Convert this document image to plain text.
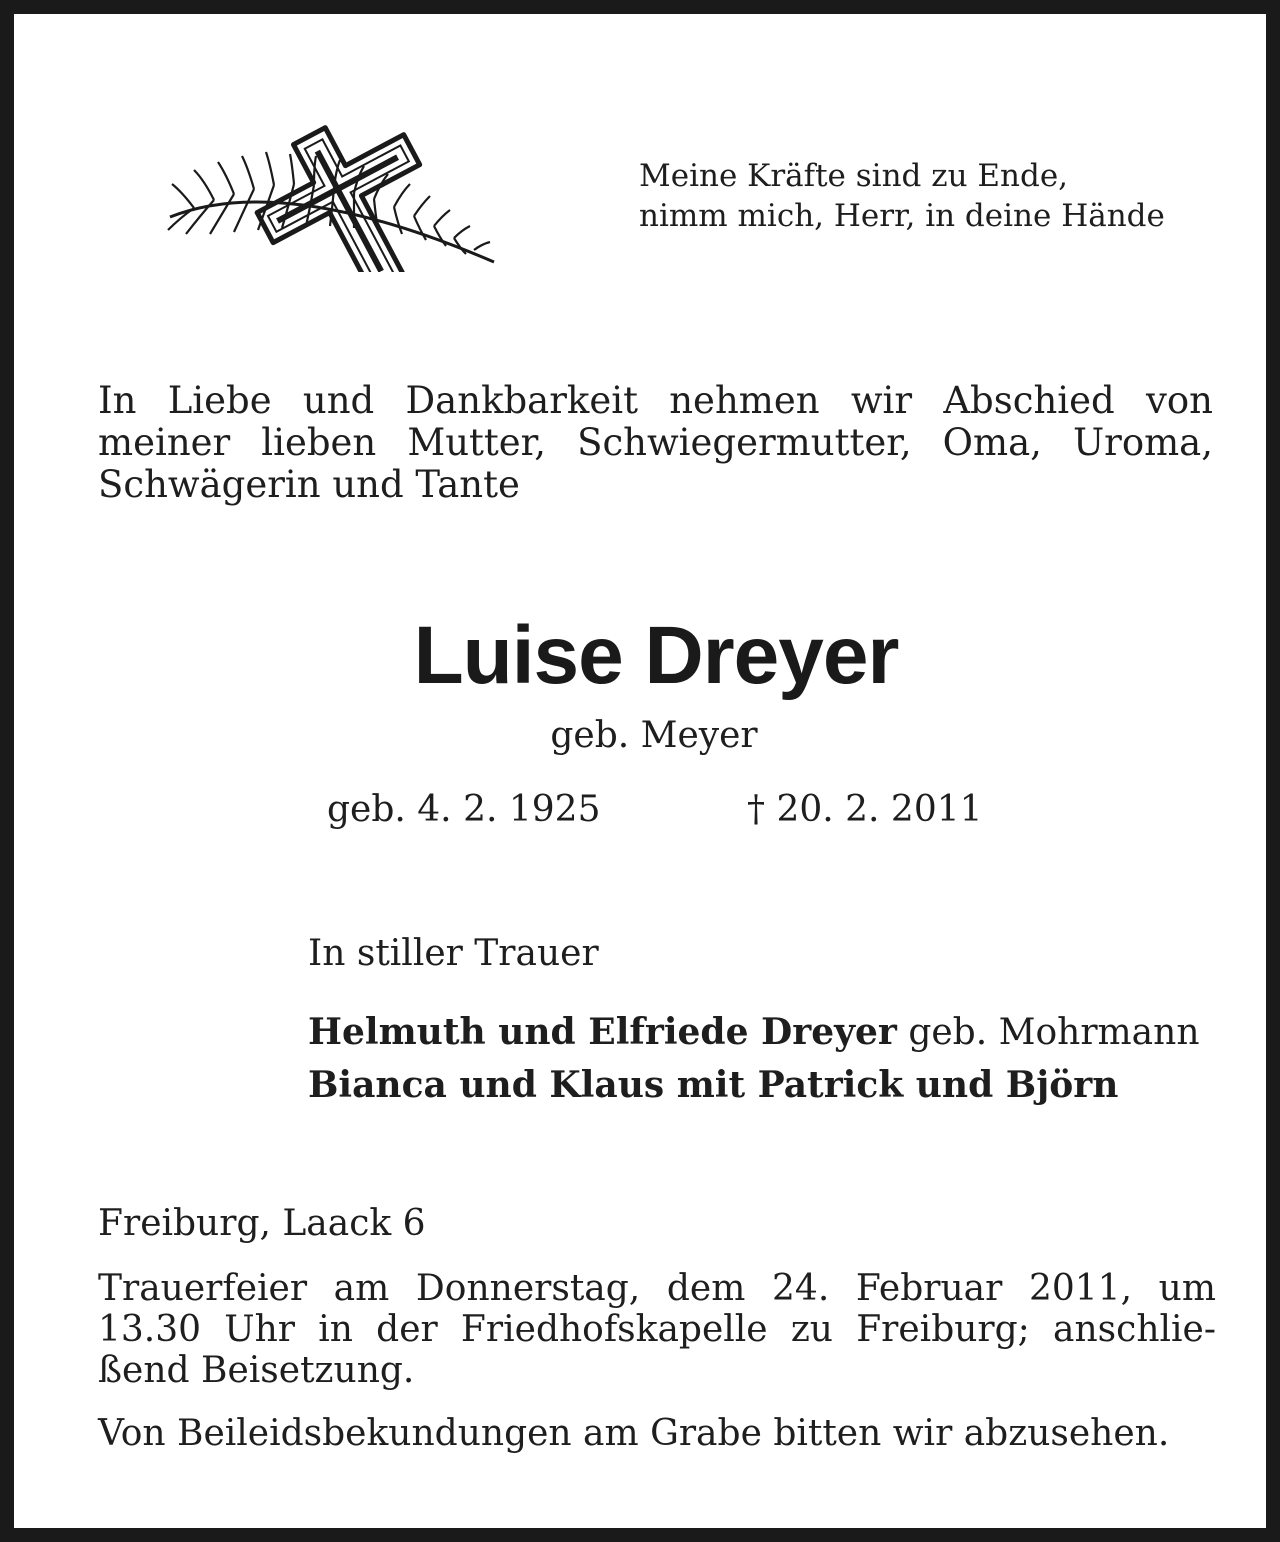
Meine Kräfte sind zu Ende,
nimm mich, Herr, in deine Hände
In Liebe und Dankbarkeit nehmen wir Abschied von
meiner lieben Mutter, Schwiegermutter, Oma, Uroma,
Schwägerin und Tante
Luise Dreyer
geb. Meyer
geb. 4. 2. 1925	† 20. 2. 2011
In stiller Trauer
Helmuth und Elfriede Dreyer geb. Mohrmann
Bianca und Klaus mit Patrick und Björn
Freiburg, Laack 6
Trauerfeier am Donnerstag, dem 24. Februar 2011, um
13.30 Uhr in der Friedhofskapelle zu Freiburg; anschlie-
ßend Beisetzung.
Von Beileidsbekundungen am Grabe bitten wir abzusehen.
